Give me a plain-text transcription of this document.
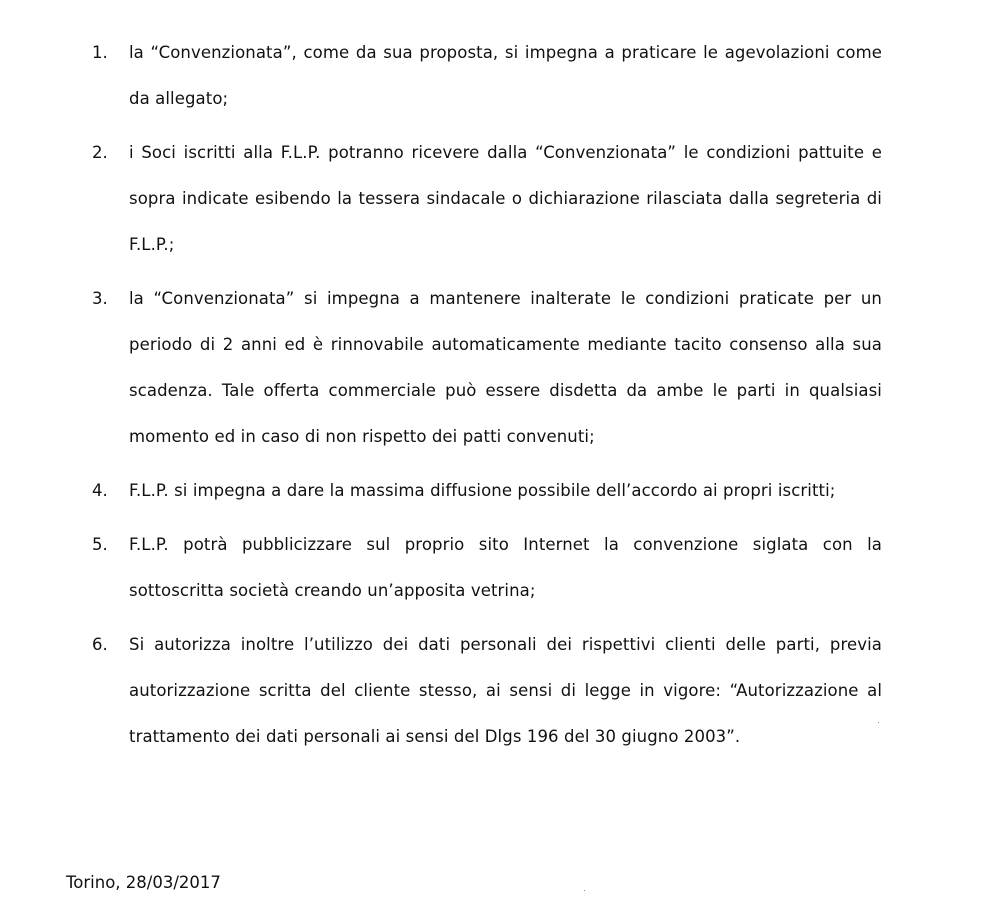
1. la “Convenzionata”, come da sua proposta, si impegna a praticare le agevolazioni come da allegato;
2. i Soci iscritti alla F.L.P. potranno ricevere dalla “Convenzionata” le condizioni pattuite e sopra indicate esibendo la tessera sindacale o dichiarazione rilasciata dalla segreteria di F.L.P.;
3. la “Convenzionata” si impegna a mantenere inalterate le condizioni praticate per un periodo di 2 anni ed è rinnovabile automaticamente mediante tacito consenso alla sua scadenza. Tale offerta commerciale può essere disdetta da ambe le parti in qualsiasi momento ed in caso di non rispetto dei patti convenuti;
4. F.L.P. si impegna a dare la massima diffusione possibile dell’accordo ai propri iscritti;
5. F.L.P. potrà pubblicizzare sul proprio sito Internet la convenzione siglata con la sottoscritta società creando un’apposita vetrina;
6. Si autorizza inoltre l’utilizzo dei dati personali dei rispettivi clienti delle parti, previa autorizzazione scritta del cliente stesso, ai sensi di legge in vigore: “Autorizzazione al trattamento dei dati personali ai sensi del Dlgs 196 del 30 giugno 2003”.
Torino, 28/03/2017
